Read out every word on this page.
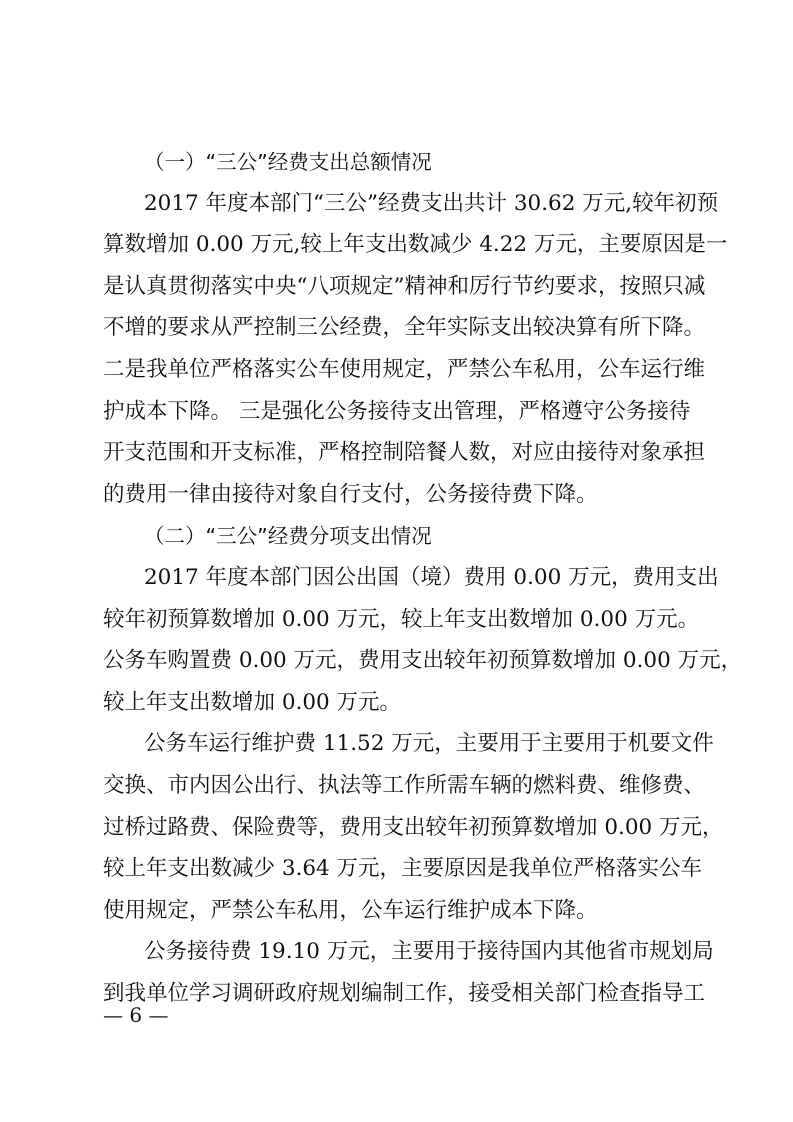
（一）“三公”经费支出总额情况
2017 年度本部门“三公”经费支出共计 30.62 万元,较年初预
算数增加 0.00 万元,较上年支出数减少 4.22 万元，主要原因是一
是认真贯彻落实中央“八项规定”精神和厉行节约要求，按照只减
不增的要求从严控制三公经费，全年实际支出较决算有所下降。
二是我单位严格落实公车使用规定，严禁公车私用，公车运行维
护成本下降。 三是强化公务接待支出管理，严格遵守公务接待
开支范围和开支标准，严格控制陪餐人数，对应由接待对象承担
的费用一律由接待对象自行支付，公务接待费下降。
（二）“三公”经费分项支出情况
2017 年度本部门因公出国（境）费用 0.00 万元，费用支出
较年初预算数增加 0.00 万元，较上年支出数增加 0.00 万元。
公务车购置费 0.00 万元，费用支出较年初预算数增加 0.00 万元，
较上年支出数增加 0.00 万元。
公务车运行维护费 11.52 万元，主要用于主要用于机要文件
交换、市内因公出行、执法等工作所需车辆的燃料费、维修费、
过桥过路费、保险费等，费用支出较年初预算数增加 0.00 万元，
较上年支出数减少 3.64 万元，主要原因是我单位严格落实公车
使用规定，严禁公车私用，公车运行维护成本下降。
— 6 —
公务接待费 19.10 万元，主要用于接待国内其他省市规划局
到我单位学习调研政府规划编制工作，接受相关部门检查指导工
